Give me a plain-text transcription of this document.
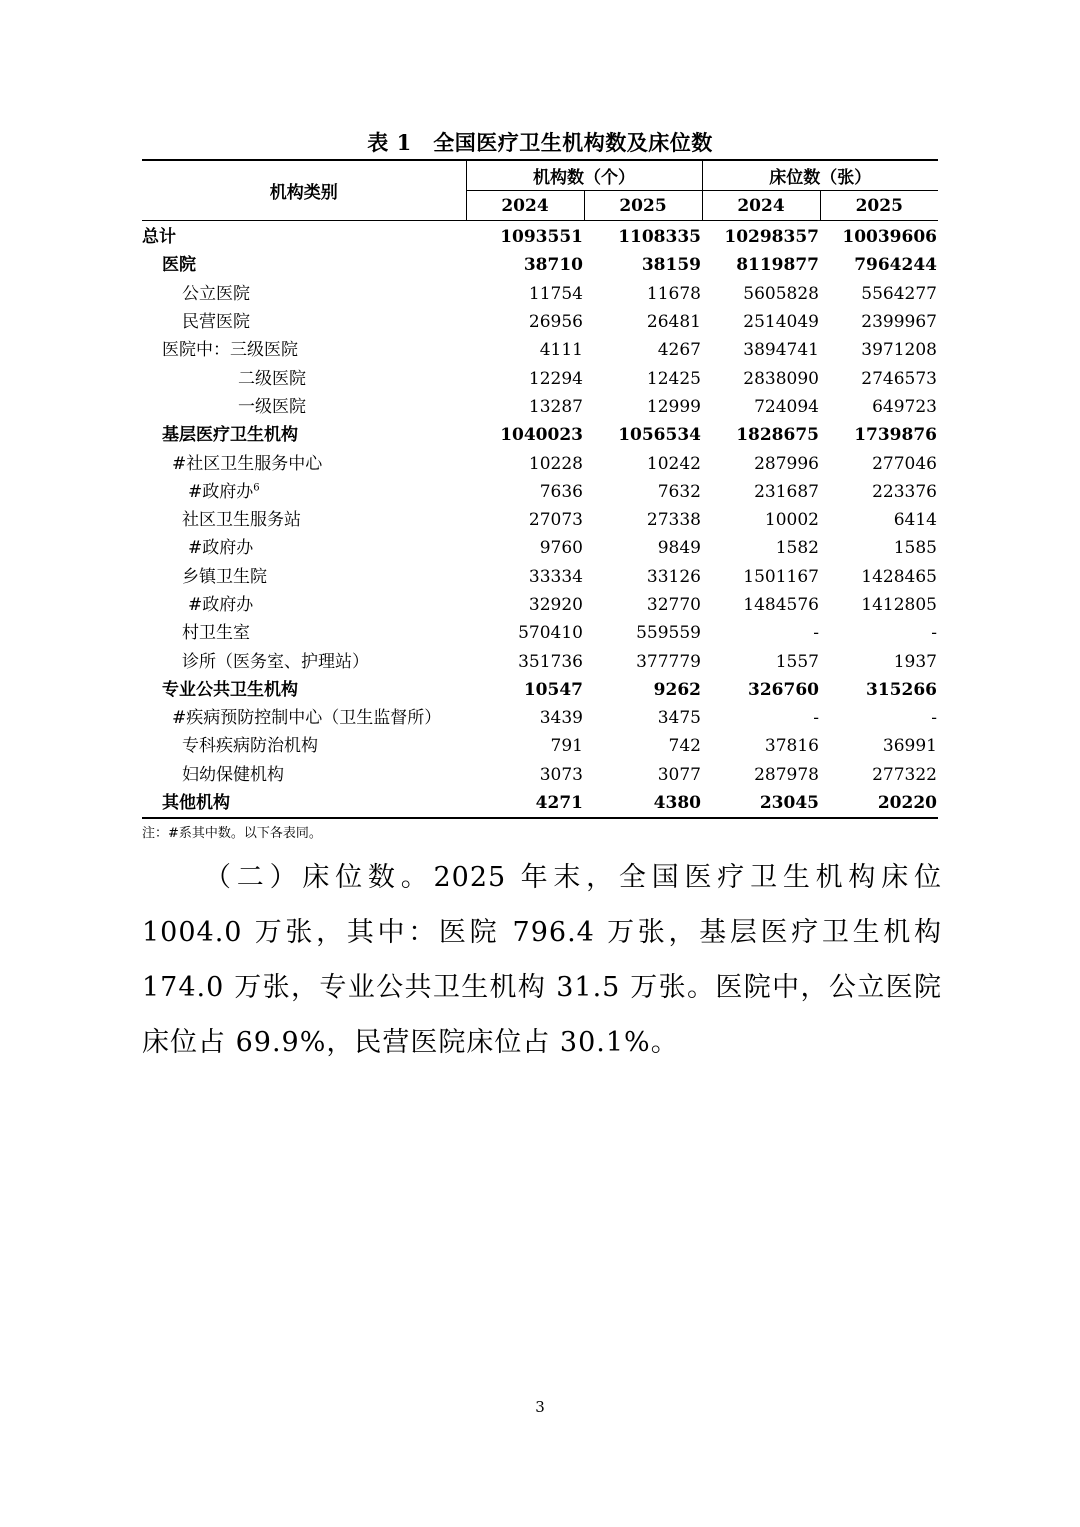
表 1　全国医疗卫生机构数及床位数
机构类别	机构数（个）		床位数（张）	
	2024	2025	2024	2025
总计	1093551	1108335	10298357	10039606
医院	38710	38159	8119877	7964244
公立医院	11754	11678	5605828	5564277
民营医院	26956	26481	2514049	2399967
医院中：三级医院	4111	4267	3894741	3971208
二级医院	12294	12425	2838090	2746573
一级医院	13287	12999	724094	649723
基层医疗卫生机构	1040023	1056534	1828675	1739876
#社区卫生服务中心	10228	10242	287996	277046
#政府办$^6$	7636	7632	231687	223376
社区卫生服务站	27073	27338	10002	6414
#政府办	9760	9849	1582	1585
乡镇卫生院	33334	33126	1501167	1428465
#政府办	32920	32770	1484576	1412805
村卫生室	570410	559559	-	-
诊所（医务室、护理站）	351736	377779	1557	1937
专业公共卫生机构	10547	9262	326760	315266
#疾病预防控制中心（卫生监督所）	3439	3475	-	-
专科疾病防治机构	791	742	37816	36991
妇幼保健机构	3073	3077	287978	277322
其他机构	4271	4380	23045	20220
注：#系其中数。以下各表同。

（二）床位数。2025 年末，全国医疗卫生机构床位 1004.0 万张，其中：医院 796.4 万张，基层医疗卫生机构 174.0 万张，专业公共卫生机构 31.5 万张。医院中，公立医院床位占 69.9%，民营医院床位占 30.1%。

3
